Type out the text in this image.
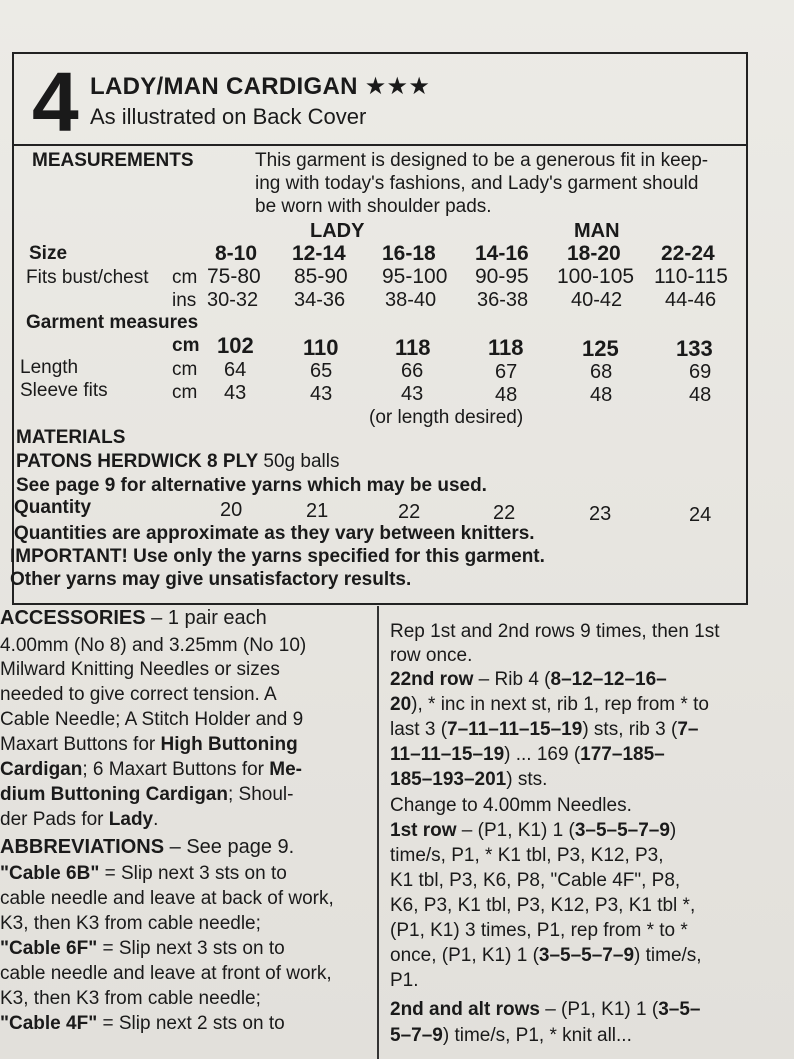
4 LADY/MAN CARDIGAN ★★★
As illustrated on Back Cover
MEASUREMENTS	This garment is designed to be a generous fit in keep-
ing with today's fashions, and Lady's garment should
be worn with shoulder pads.
LADY	MAN
Size	8-10 12-14 16-18 14-16 18-20 22-24
Fits bust/chest cm 75-80 85-90 95-100 90-95 100-105 110-115
ins 30-32 34-36 38-40 36-38 40-42 44-46
Garment measures
cm 102 110	118	118	125	133
Length	cm 64	65	66	67	68	69
Sleeve fits	cm 43	43	43	48	48	48
(or length desired)
MATERIALS
PATONS HERDWICK 8 PLY 50g balls
See page 9 for alternative yarns which may be used.
Quantity	20	21	22	22	23	24
Quantities are approximate as they vary between knitters.
IMPORTANT! Use only the yarns specified for this garment.
Other yarns may give unsatisfactory results.
ACCESSORIES – 1 pair each
4.00mm (No 8) and 3.25mm (No 10)
Milward Knitting Needles or sizes
needed to give correct tension. A
Cable Needle; A Stitch Holder and 9
Maxart Buttons for High Buttoning
Cardigan; 6 Maxart Buttons for Me-
dium Buttoning Cardigan; Shoul-
der Pads for Lady.
ABBREVIATIONS – See page 9.
"Cable 6B" = Slip next 3 sts on to
cable needle and leave at back of work,
K3, then K3 from cable needle;
"Cable 6F" = Slip next 3 sts on to
cable needle and leave at front of work,
K3, then K3 from cable needle;
"Cable 4F" = Slip next 2 sts on to
Rep 1st and 2nd rows 9 times, then 1st
row once.
22nd row – Rib 4 (8–12–12–16–
20), * inc in next st, rib 1, rep from * to
last 3 (7–11–11–15–19) sts, rib 3 (7–
11–11–15–19) ... 169 (177–185–
185–193–201) sts.
Change to 4.00mm Needles.
1st row – (P1, K1) 1 (3–5–5–7–9)
time/s, P1, * K1 tbl, P3, K12, P3,
K1 tbl, P3, K6, P8, "Cable 4F", P8,
K6, P3, K1 tbl, P3, K12, P3, K1 tbl *,
(P1, K1) 3 times, P1, rep from * to *
once, (P1, K1) 1 (3–5–5–7–9) time/s,
P1.
2nd and alt rows – (P1, K1) 1 (3–5–
5–7–9) time/s, P1, * knit all...
